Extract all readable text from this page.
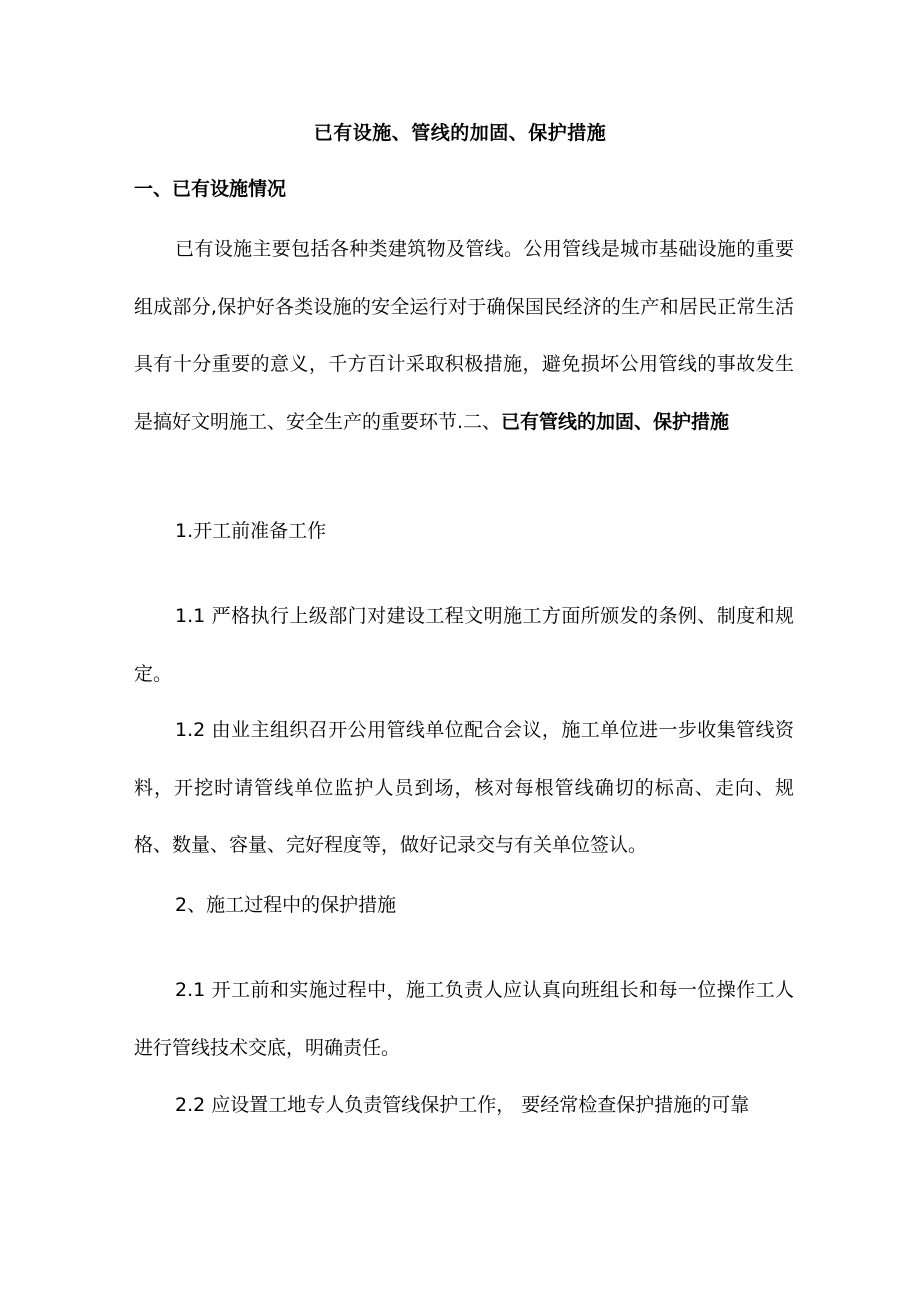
已有设施、管线的加固、保护措施
一、已有设施情况

已有设施主要包括各种类建筑物及管线。公用管线是城市基础设施的重要组成部分,保护好各类设施的安全运行对于确保国民经济的生产和居民正常生活具有十分重要的意义，千方百计采取积极措施，避免损坏公用管线的事故发生是搞好文明施工、安全生产的重要环节.二、已有管线的加固、保护措施

1.开工前准备工作

1.1 严格执行上级部门对建设工程文明施工方面所颁发的条例、制度和规定。

1.2 由业主组织召开公用管线单位配合会议，施工单位进一步收集管线资料，开挖时请管线单位监护人员到场，核对每根管线确切的标高、走向、规格、数量、容量、完好程度等，做好记录交与有关单位签认。

2、施工过程中的保护措施

2.1 开工前和实施过程中，施工负责人应认真向班组长和每一位操作工人进行管线技术交底，明确责任。

2.2 应设置工地专人负责管线保护工作， 要经常检查保护措施的可靠
